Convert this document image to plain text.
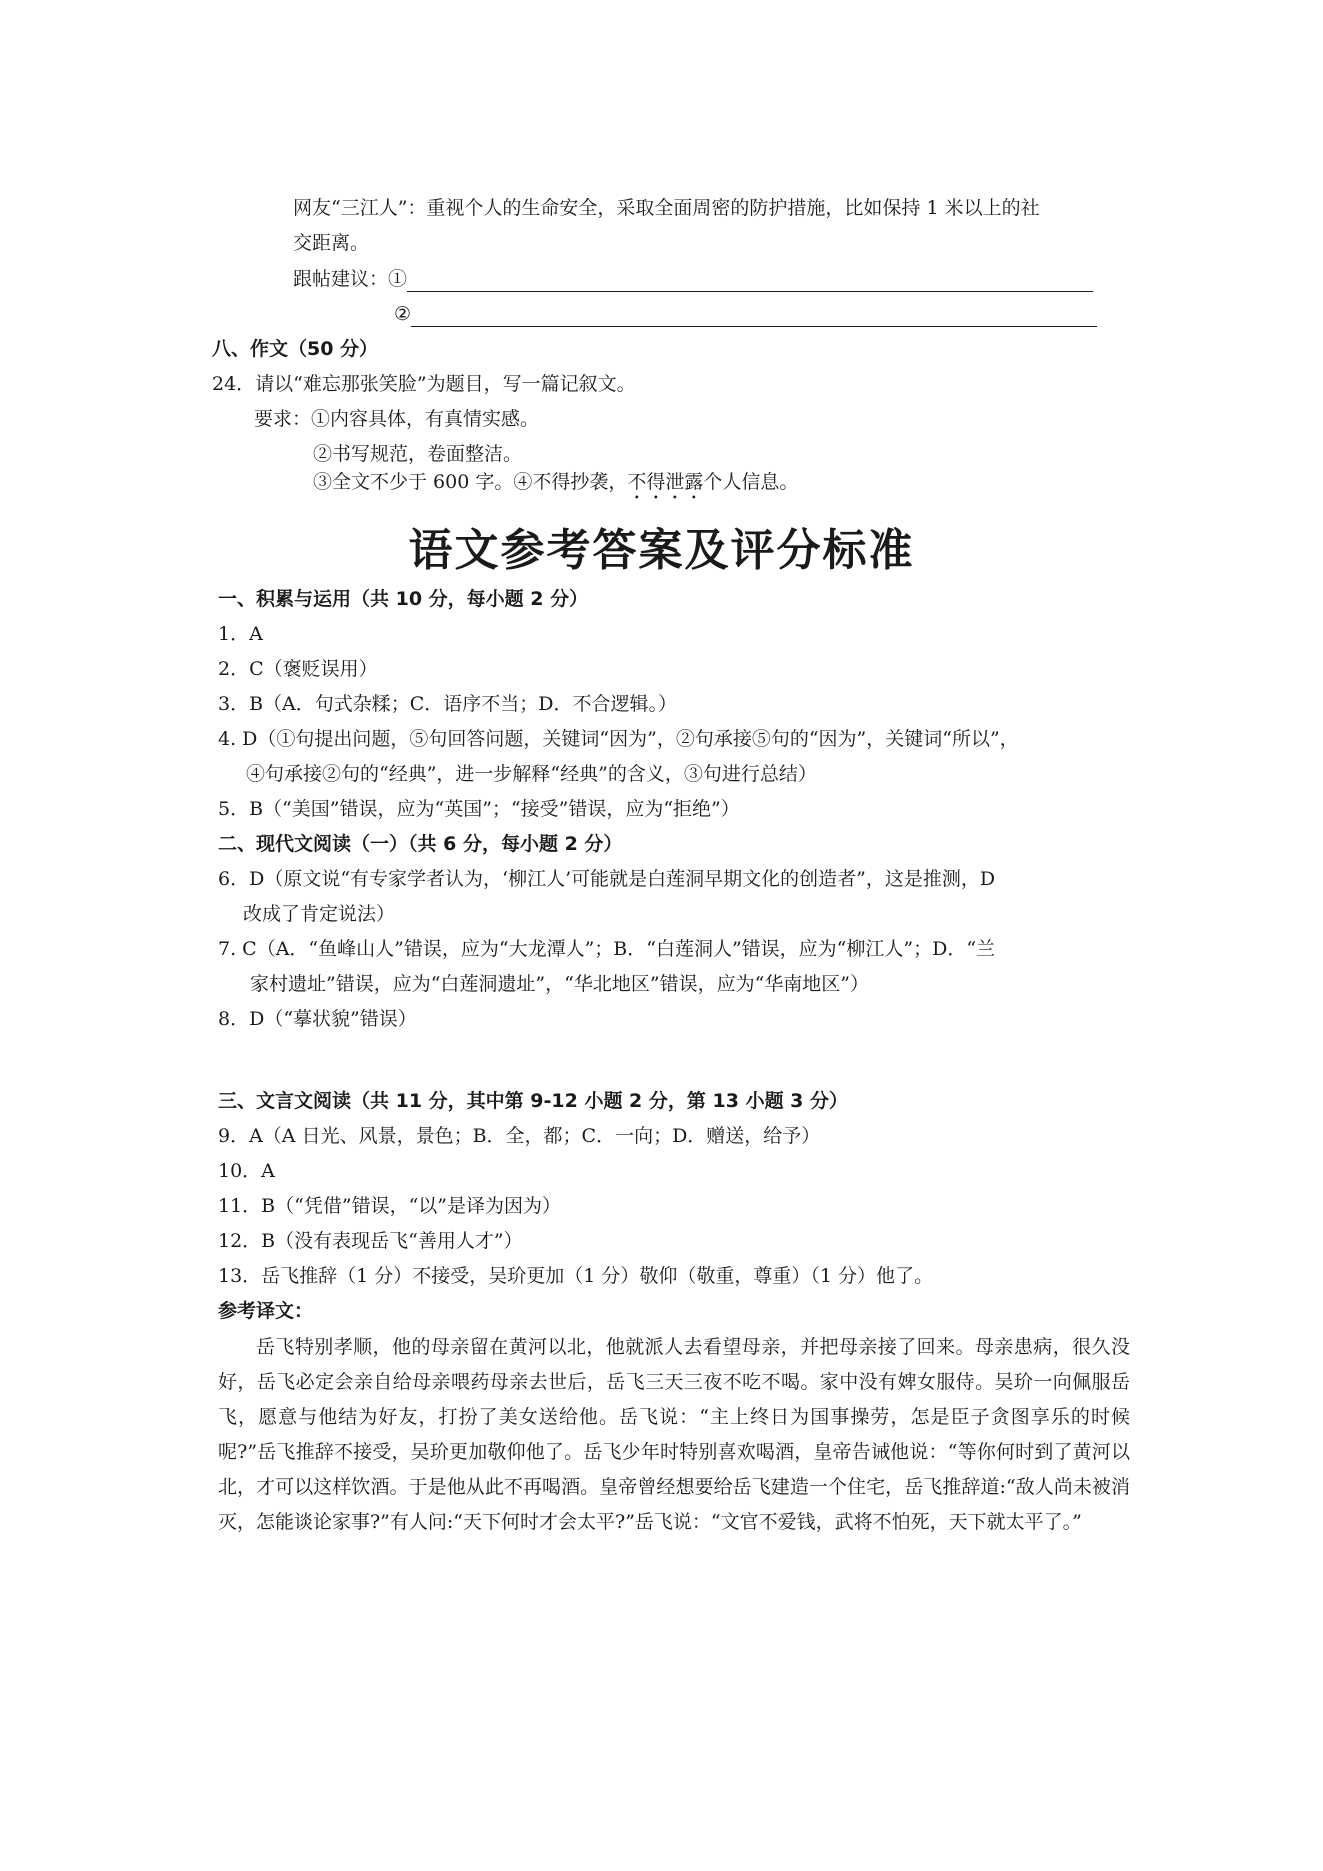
网友“三江人”：重视个人的生命安全，采取全面周密的防护措施，比如保持 1 米以上的社
交距离。
跟帖建议：①
②
八、作文（50 分）
24．请以“难忘那张笑脸”为题目，写一篇记叙文。
要求：①内容具体，有真情实感。
②书写规范，卷面整洁。
③全文不少于 600 字。④不得抄袭，不得泄露个人信息。
语文参考答案及评分标准
一、积累与运用（共 10 分，每小题 2 分）
1．A
2．C（褒贬误用）
3．B（A．句式杂糅；C．语序不当；D．不合逻辑。）
4. D（①句提出问题，⑤句回答问题，关键词“因为”，②句承接⑤句的“因为”，关键词“所以”，
④句承接②句的“经典”，进一步解释“经典”的含义，③句进行总结）
5．B（“美国”错误，应为“英国”；“接受”错误，应为“拒绝”）
二、现代文阅读（一）（共 6 分，每小题 2 分）
6．D（原文说“有专家学者认为，‘柳江人’可能就是白莲洞早期文化的创造者”，这是推测，D
改成了肯定说法）
7. C（A．“鱼峰山人”错误，应为“大龙潭人”；B．“白莲洞人”错误，应为“柳江人”；D．“兰
家村遗址”错误，应为“白莲洞遗址”，“华北地区”错误，应为“华南地区”）
8．D（“摹状貌”错误）
三、文言文阅读（共 11 分，其中第 9-12 小题 2 分，第 13 小题 3 分）
9．A（A 日光、风景，景色；B．全，都；C．一向；D．赠送，给予）
10．A
11．B（“凭借”错误，“以”是译为因为）
12．B（没有表现岳飞“善用人才”）
13．岳飞推辞（1 分）不接受，吴玠更加（1 分）敬仰（敬重，尊重）（1 分）他了。
参考译文：

岳飞特别孝顺，他的母亲留在黄河以北，他就派人去看望母亲，并把母亲接了回来。母亲患病，很久没好，岳飞必定会亲自给母亲喂药母亲去世后，岳飞三天三夜不吃不喝。家中没有婢女服侍。吴玠一向佩服岳飞，愿意与他结为好友，打扮了美女送给他。岳飞说：“主上终日为国事操劳，怎是臣子贪图享乐的时候呢?”岳飞推辞不接受，吴玠更加敬仰他了。岳飞少年时特别喜欢喝酒，皇帝告诫他说：“等你何时到了黄河以北，才可以这样饮酒。于是他从此不再喝酒。皇帝曾经想要给岳飞建造一个住宅，岳飞推辞道:“敌人尚未被消灭，怎能谈论家事?”有人问:“天下何时才会太平?”岳飞说：“文官不爱钱，武将不怕死，天下就太平了。”
